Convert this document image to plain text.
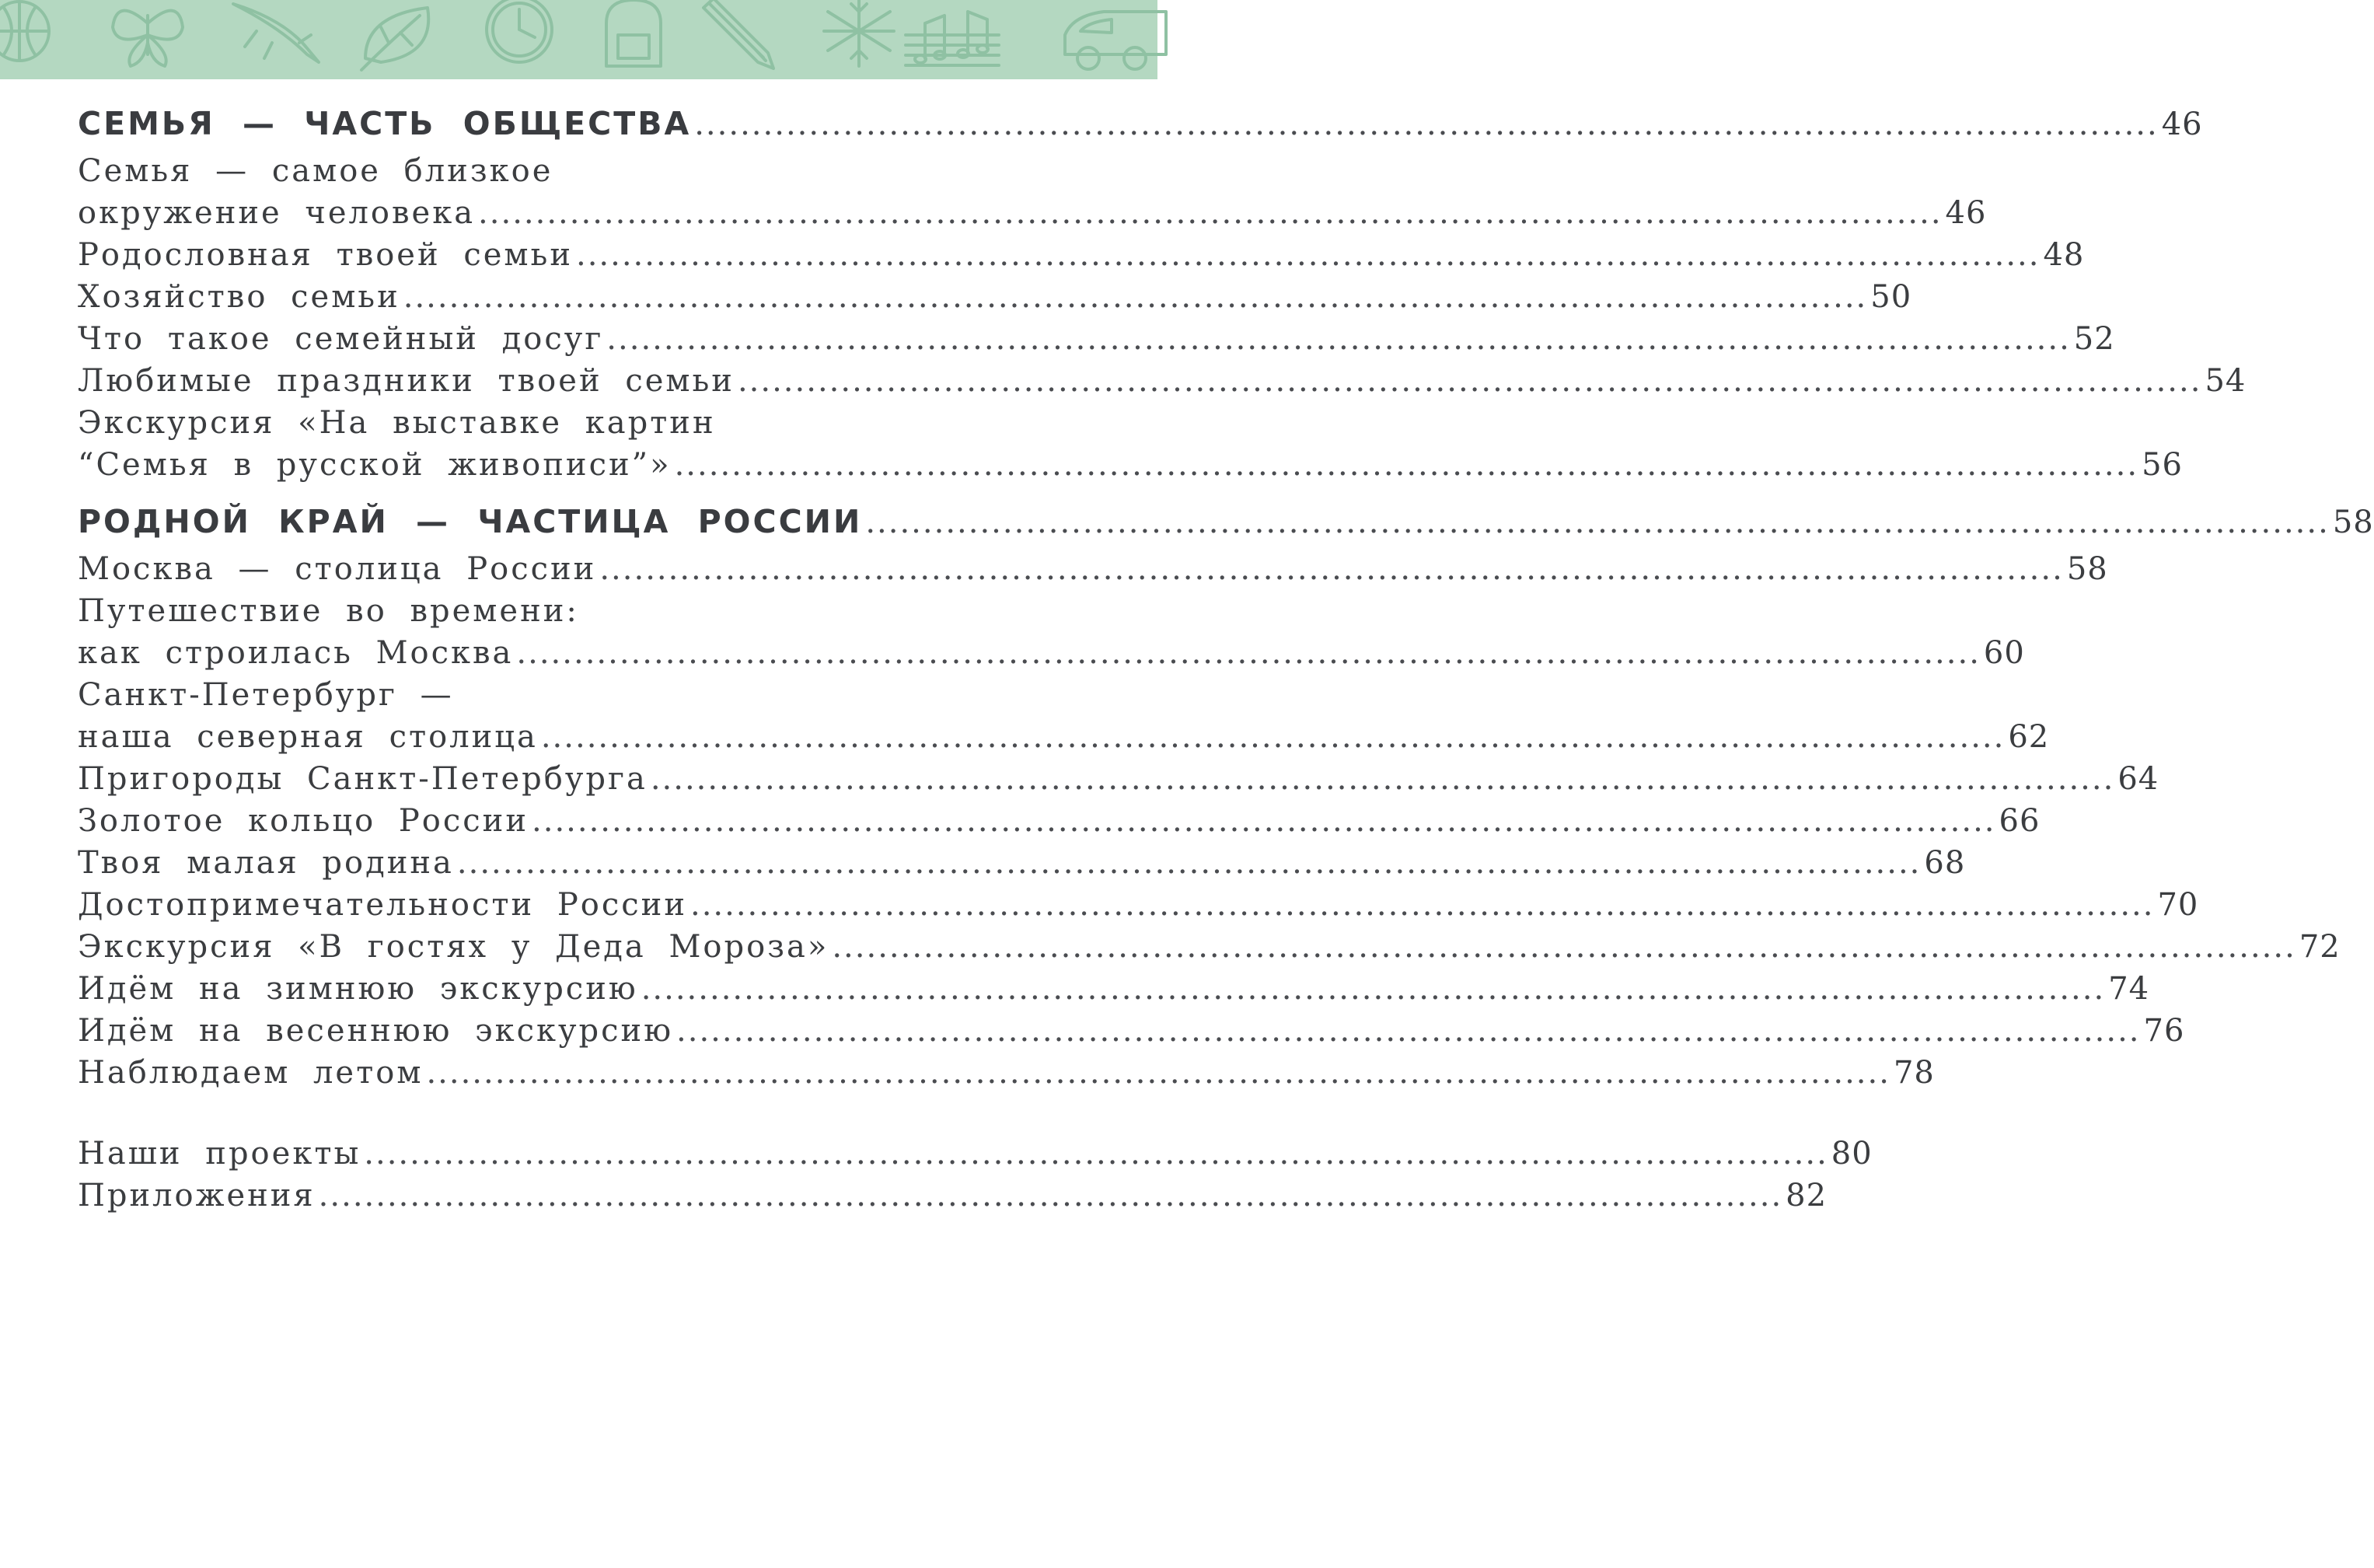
СЕМЬЯ — ЧАСТЬ ОБЩЕСТВА ................................................................................................................................ 46
Семья — самое близкое
окружение человека ................................................................................................................................ 46
Родословная твоей семьи ................................................................................................................................ 48
Хозяйство семьи ................................................................................................................................ 50
Что такое семейный досуг ................................................................................................................................ 52
Любимые праздники твоей семьи ................................................................................................................................ 54
Экскурсия «На выставке картин
“Семья в русской живописи”» ................................................................................................................................ 56
РОДНОЙ КРАЙ — ЧАСТИЦА РОССИИ ................................................................................................................................ 58
Москва — столица России ................................................................................................................................ 58
Путешествие во времени:
как строилась Москва ................................................................................................................................ 60
Санкт-Петербург —
наша северная столица ................................................................................................................................ 62
Пригороды Санкт-Петербурга ................................................................................................................................ 64
Золотое кольцо России ................................................................................................................................ 66
Твоя малая родина ................................................................................................................................ 68
Достопримечательности России ................................................................................................................................ 70
Экскурсия «В гостях у Деда Мороза» ................................................................................................................................ 72
Идём на зимнюю экскурсию ................................................................................................................................ 74
Идём на весеннюю экскурсию ................................................................................................................................ 76
Наблюдаем летом ................................................................................................................................ 78
Наши проекты ................................................................................................................................ 80
Приложения ................................................................................................................................ 82
